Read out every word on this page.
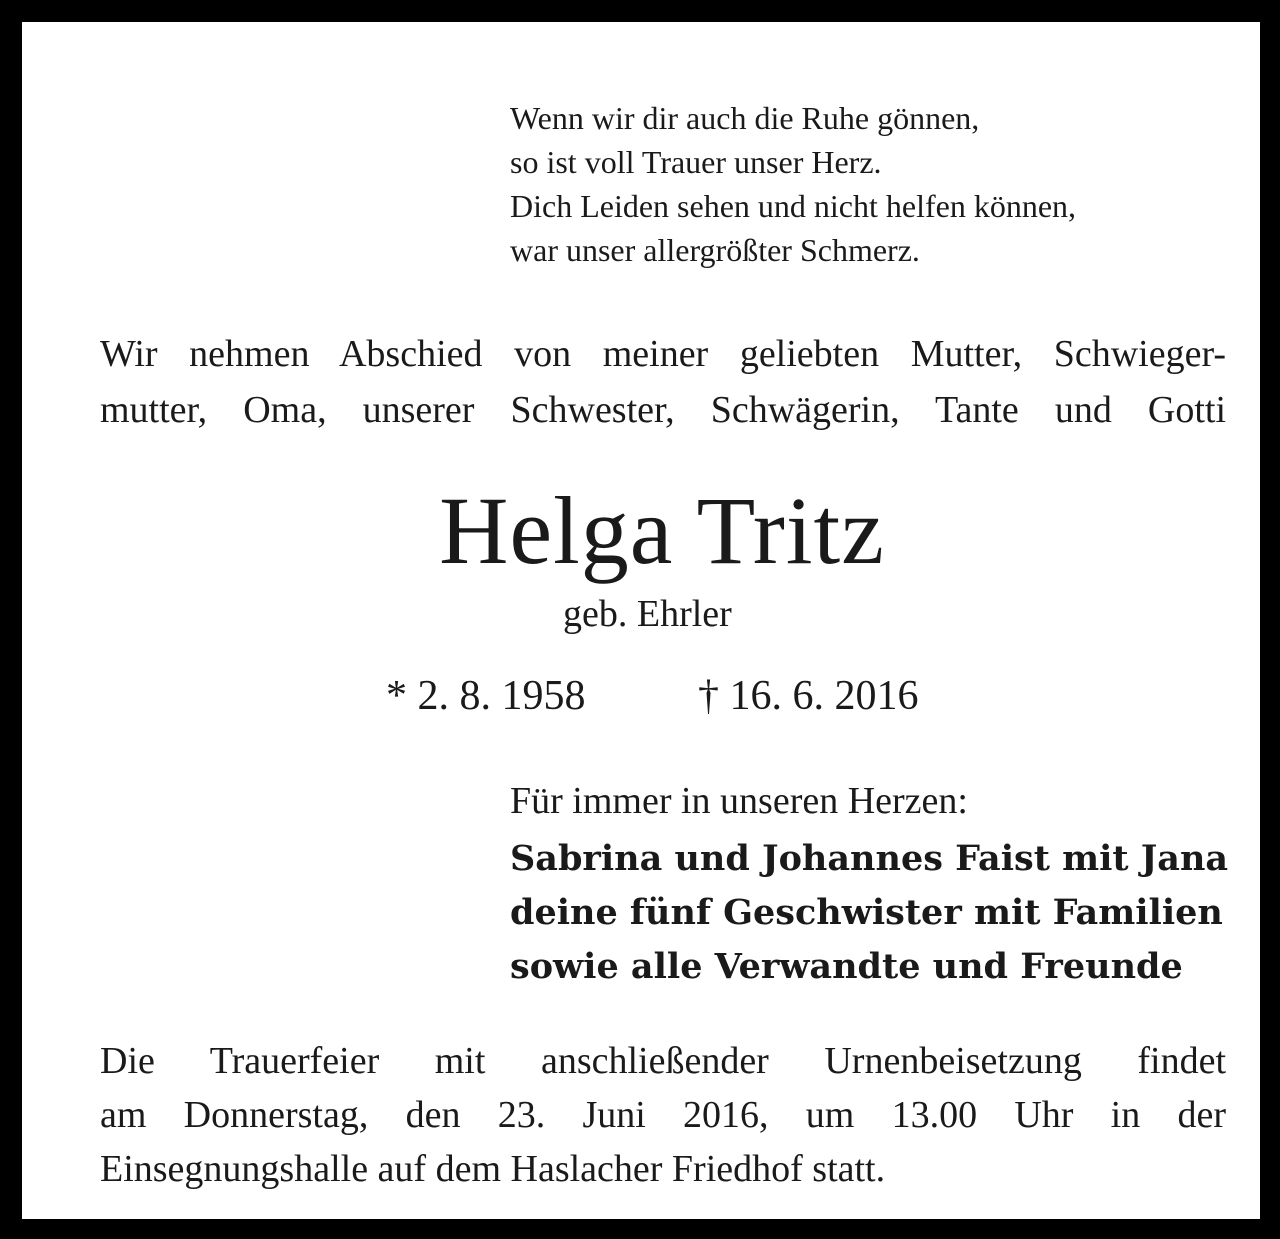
Wenn wir dir auch die Ruhe gönnen,
so ist voll Trauer unser Herz.
Dich Leiden sehen und nicht helfen können,
war unser allergrößter Schmerz.
Wir nehmen Abschied von meiner geliebten Mutter, Schwieger-
mutter, Oma, unserer Schwester, Schwägerin, Tante und Gotti
Helga Tritz
geb. Ehrler
* 2. 8. 1958	† 16. 6. 2016
Für immer in unseren Herzen:
Sabrina und Johannes Faist mit Jana
deine fünf Geschwister mit Familien
sowie alle Verwandte und Freunde
Die Trauerfeier mit anschließender Urnenbeisetzung findet
am Donnerstag, den 23. Juni 2016, um 13.00 Uhr in der
Einsegnungshalle auf dem Haslacher Friedhof statt.
